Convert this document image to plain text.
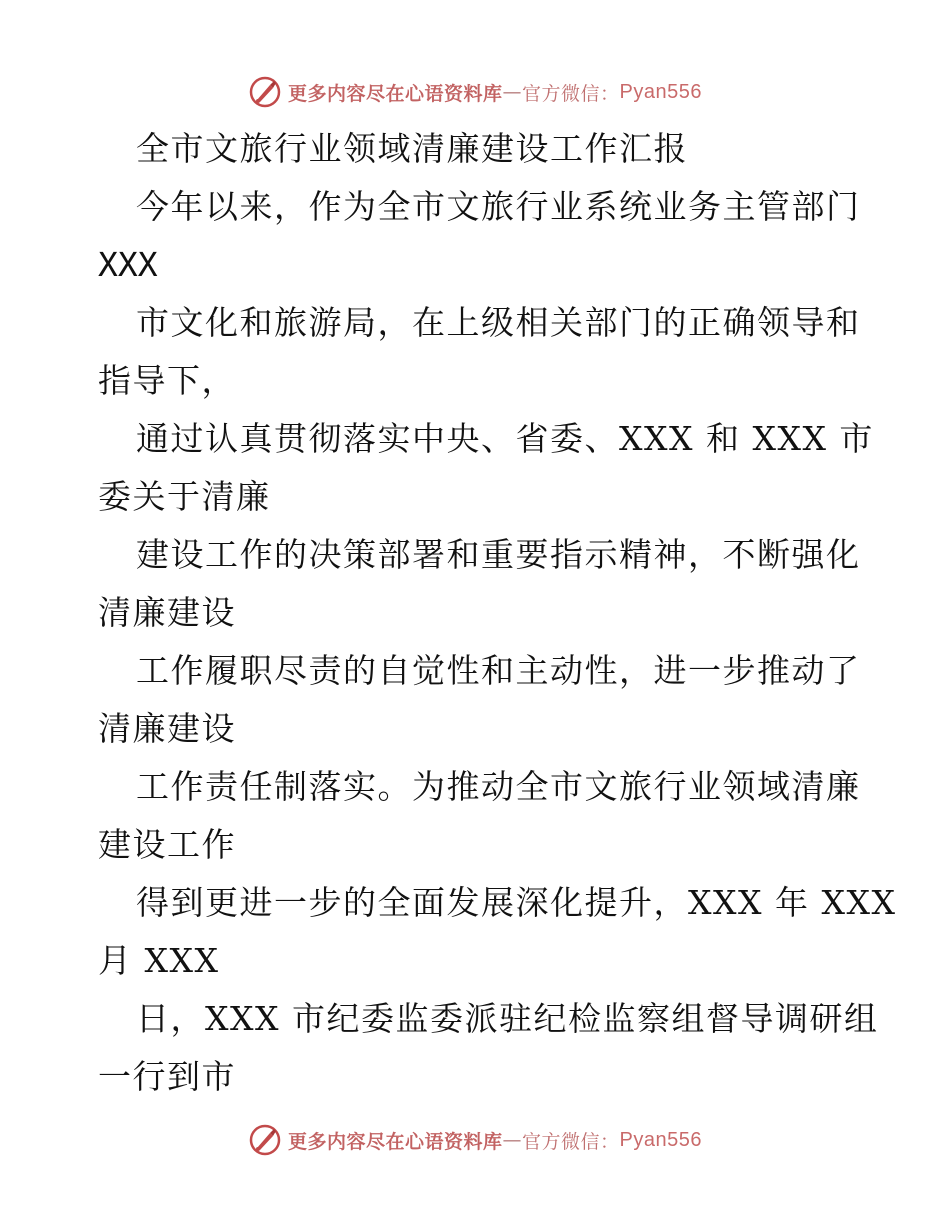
更多内容尽在心语资料库 — 官方微信： Pyan556
全市文旅行业领域清廉建设工作汇报
今年以来，作为全市文旅行业系统业务主管部门
XXX
市文化和旅游局，在上级相关部门的正确领导和
指导下，
通过认真贯彻落实中央、省委、XXX 和 XXX 市
委关于清廉
建设工作的决策部署和重要指示精神，不断强化
清廉建设
工作履职尽责的自觉性和主动性，进一步推动了
清廉建设
工作责任制落实。为推动全市文旅行业领域清廉
建设工作
得到更进一步的全面发展深化提升，XXX 年 XXX
月 XXX
日，XXX 市纪委监委派驻纪检监察组督导调研组
一行到市
更多内容尽在心语资料库 — 官方微信： Pyan556
